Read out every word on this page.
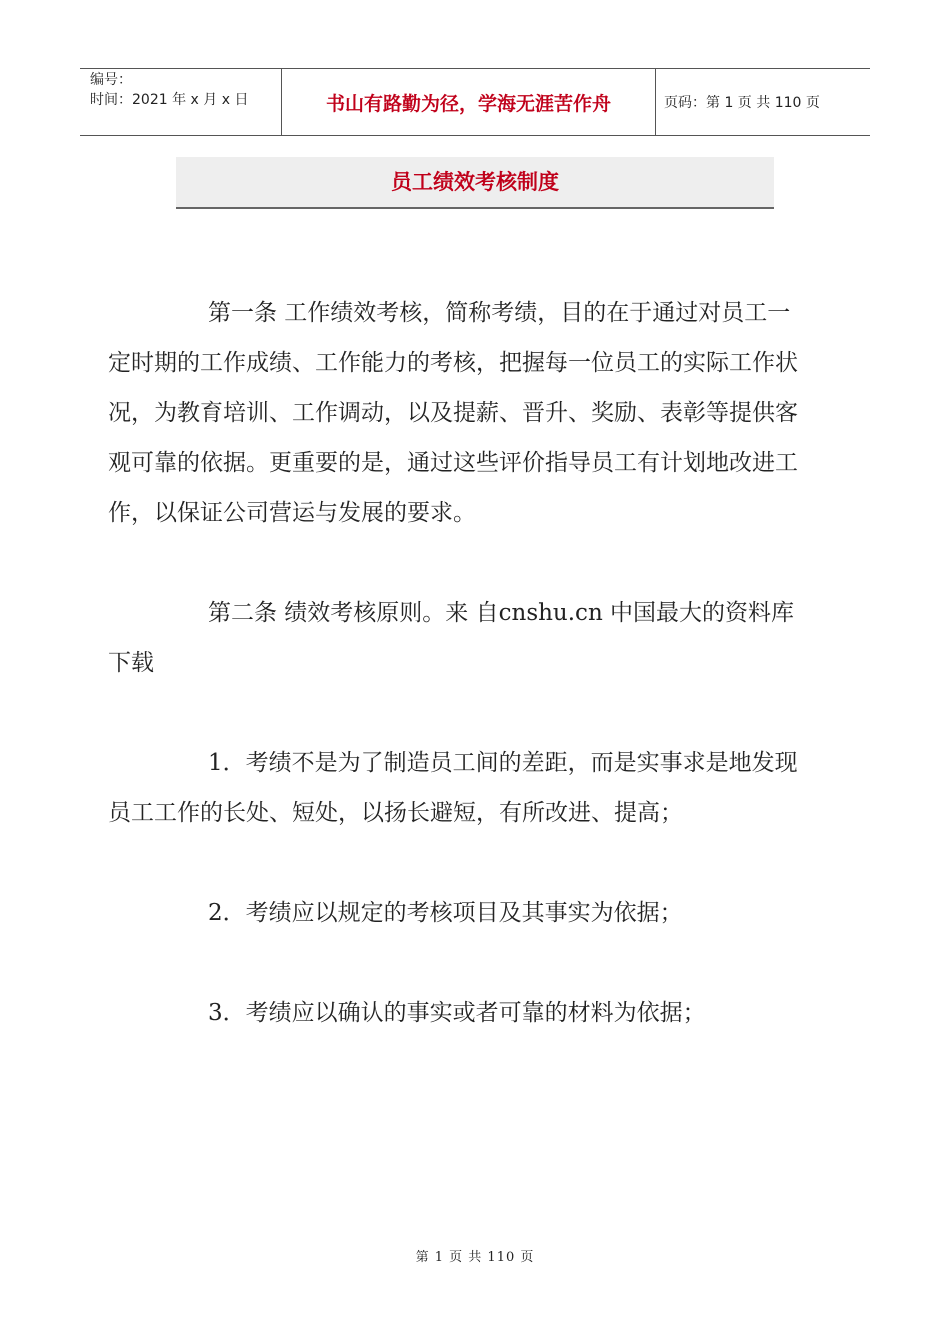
编号：
时间：2021 年 x 月 x 日	书山有路勤为径，学海无涯苦作舟	页码：第 1 页 共 110 页
员工绩效考核制度

第一条 工作绩效考核，简称考绩，目的在于通过对员工一定时期的工作成绩、工作能力的考核，把握每一位员工的实际工作状况，为教育培训、工作调动，以及提薪、晋升、奖励、表彰等提供客观可靠的依据。更重要的是，通过这些评价指导员工有计划地改进工作，以保证公司营运与发展的要求。

第二条 绩效考核原则。来 自cnshu.cn 中国最大的资料库下载

1．考绩不是为了制造员工间的差距，而是实事求是地发现员工工作的长处、短处，以扬长避短，有所改进、提高；

2．考绩应以规定的考核项目及其事实为依据；

3．考绩应以确认的事实或者可靠的材料为依据；

第 1 页 共 110 页
